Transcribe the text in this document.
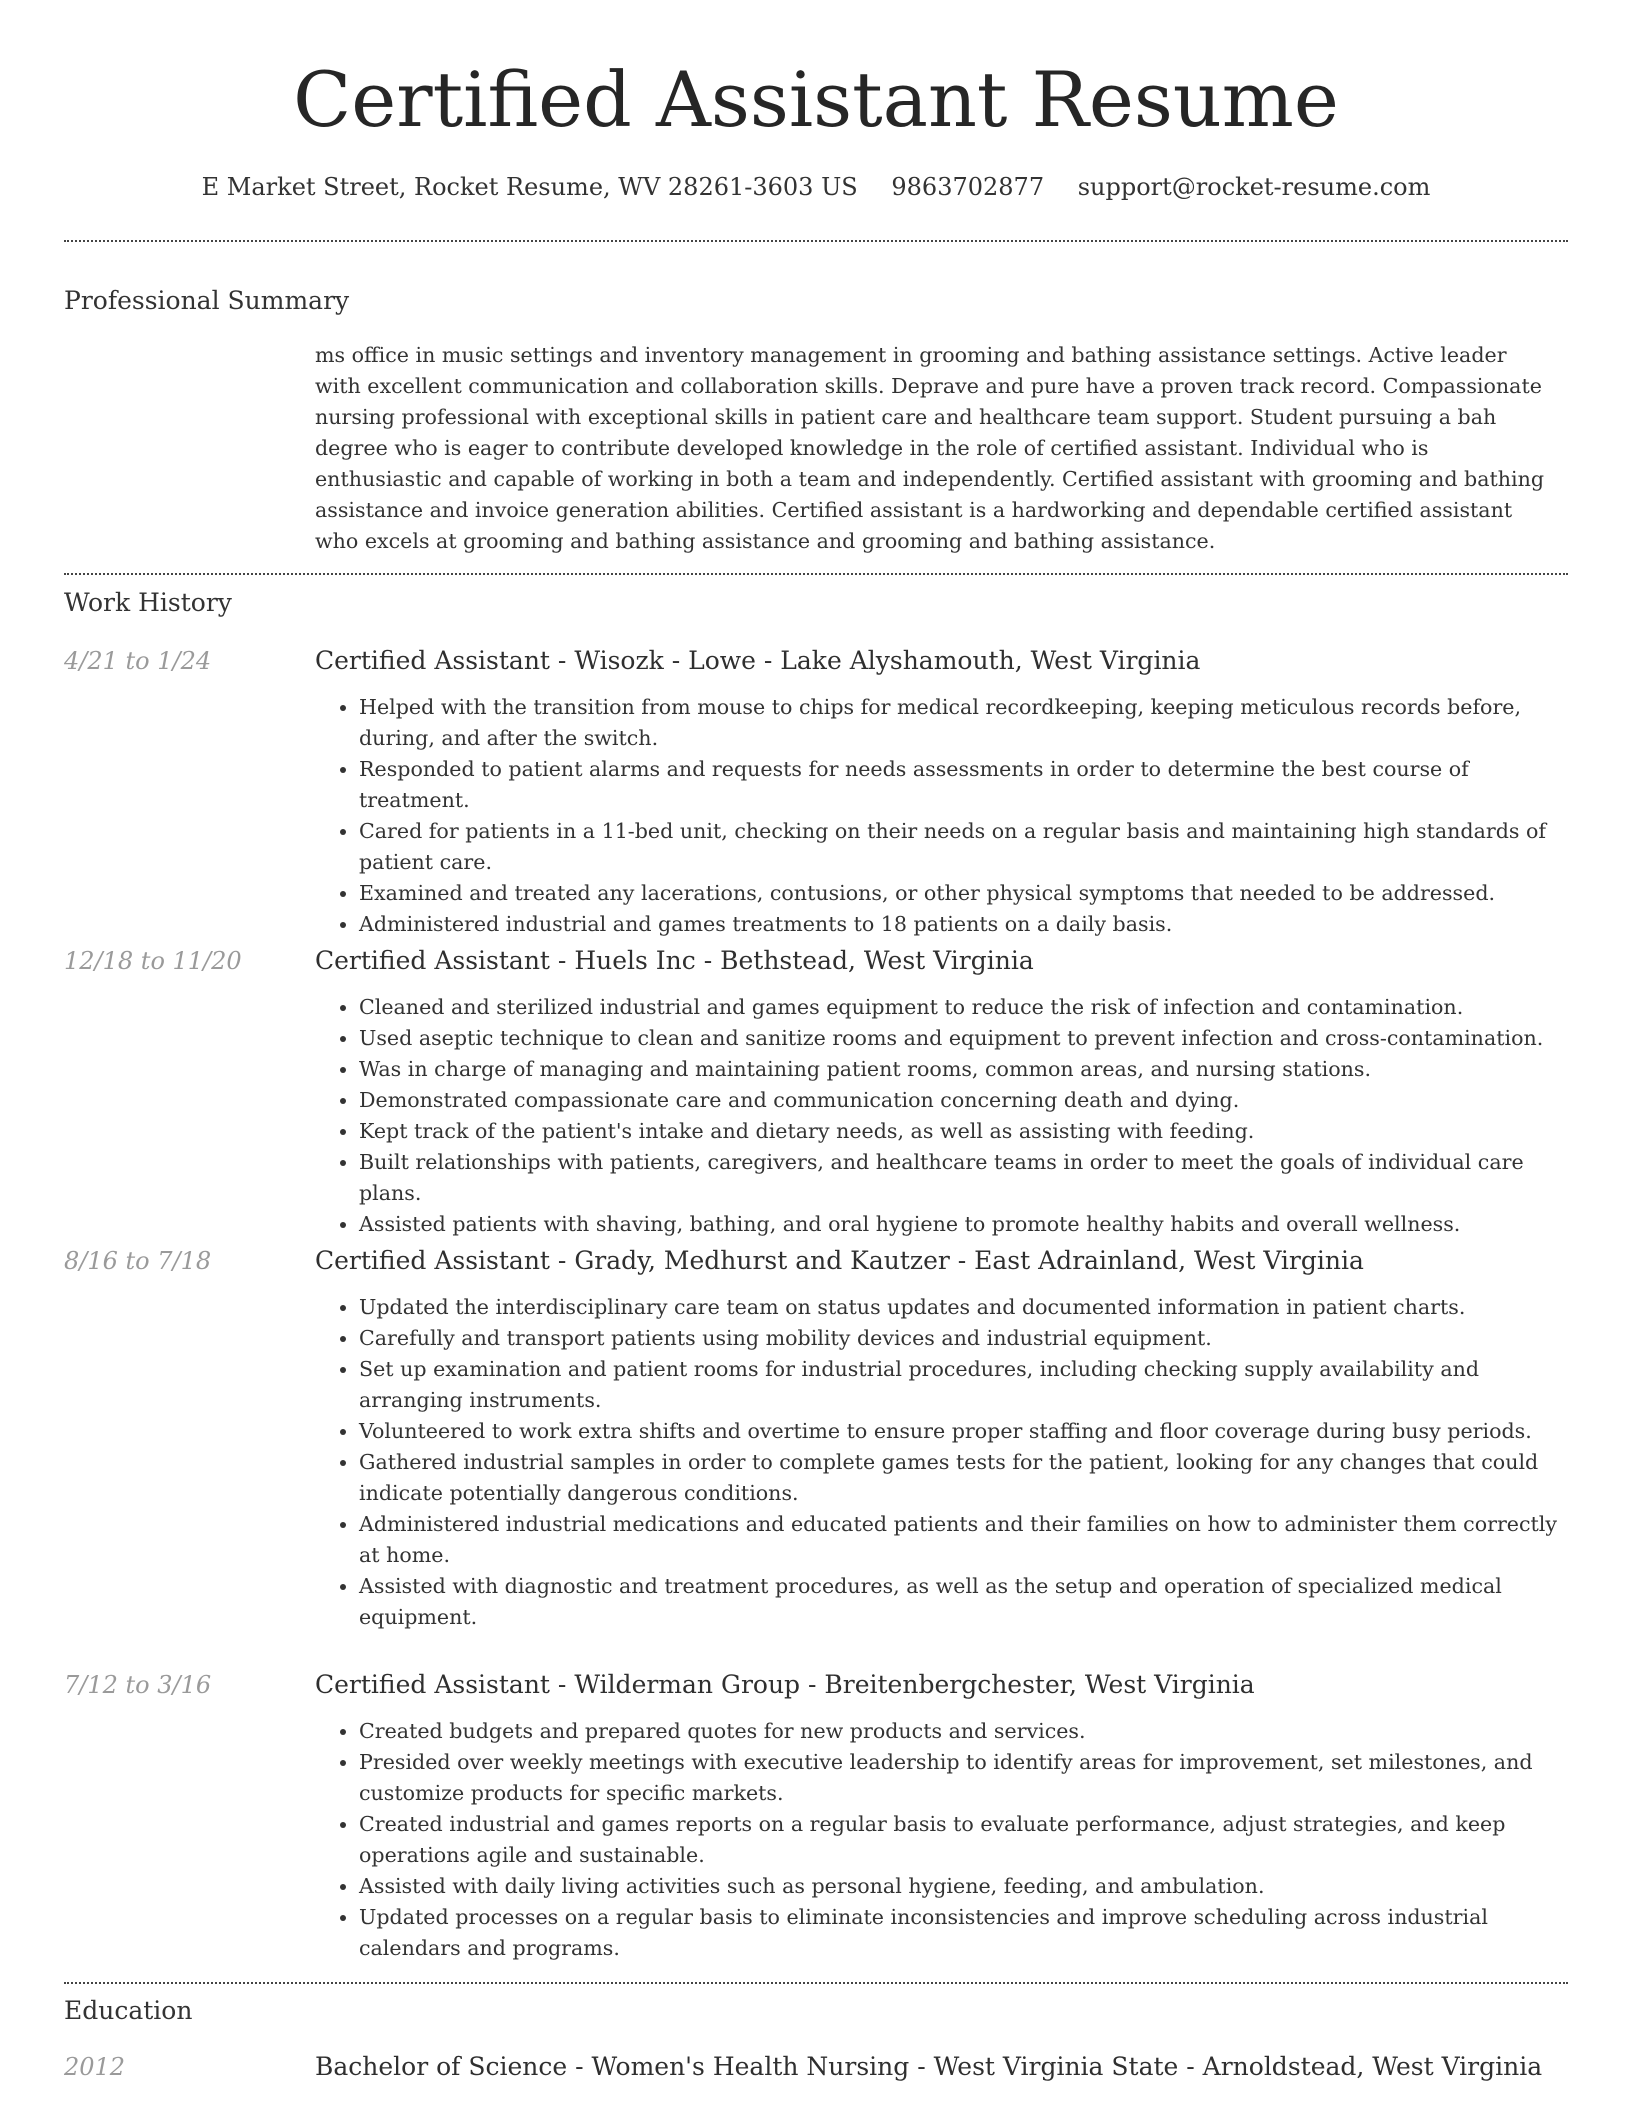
Certified Assistant Resume
E Market Street, Rocket Resume, WV 28261-3603 US 9863702877 support@rocket-resume.com
Professional Summary

ms office in music settings and inventory management in grooming and bathing assistance settings. Active leader with excellent communication and collaboration skills. Deprave and pure have a proven track record. Compassionate nursing professional with exceptional skills in patient care and healthcare team support. Student pursuing a bah degree who is eager to contribute developed knowledge in the role of certified assistant. Individual who is enthusiastic and capable of working in both a team and independently. Certified assistant with grooming and bathing assistance and invoice generation abilities. Certified assistant is a hardworking and dependable certified assistant who excels at grooming and bathing assistance and grooming and bathing assistance.

Work History
4/21 to 1/24	Certified Assistant - Wisozk - Lowe - Lake Alyshamouth, West Virginia
• Helped with the transition from mouse to chips for medical recordkeeping, keeping meticulous records before, during, and after the switch.
• Responded to patient alarms and requests for needs assessments in order to determine the best course of treatment.
• Cared for patients in a 11-bed unit, checking on their needs on a regular basis and maintaining high standards of patient care.
• Examined and treated any lacerations, contusions, or other physical symptoms that needed to be addressed.
• Administered industrial and games treatments to 18 patients on a daily basis.
12/18 to 11/20	Certified Assistant - Huels Inc - Bethstead, West Virginia
• Cleaned and sterilized industrial and games equipment to reduce the risk of infection and contamination.
• Used aseptic technique to clean and sanitize rooms and equipment to prevent infection and cross-contamination.
• Was in charge of managing and maintaining patient rooms, common areas, and nursing stations.
• Demonstrated compassionate care and communication concerning death and dying.
• Kept track of the patient's intake and dietary needs, as well as assisting with feeding.
• Built relationships with patients, caregivers, and healthcare teams in order to meet the goals of individual care plans.
• Assisted patients with shaving, bathing, and oral hygiene to promote healthy habits and overall wellness.
8/16 to 7/18	Certified Assistant - Grady, Medhurst and Kautzer - East Adrainland, West Virginia
• Updated the interdisciplinary care team on status updates and documented information in patient charts.
• Carefully and transport patients using mobility devices and industrial equipment.
• Set up examination and patient rooms for industrial procedures, including checking supply availability and arranging instruments.
• Volunteered to work extra shifts and overtime to ensure proper staffing and floor coverage during busy periods.
• Gathered industrial samples in order to complete games tests for the patient, looking for any changes that could indicate potentially dangerous conditions.
• Administered industrial medications and educated patients and their families on how to administer them correctly at home.
• Assisted with diagnostic and treatment procedures, as well as the setup and operation of specialized medical equipment.
7/12 to 3/16	Certified Assistant - Wilderman Group - Breitenbergchester, West Virginia
• Created budgets and prepared quotes for new products and services.
• Presided over weekly meetings with executive leadership to identify areas for improvement, set milestones, and customize products for specific markets.
• Created industrial and games reports on a regular basis to evaluate performance, adjust strategies, and keep operations agile and sustainable.
• Assisted with daily living activities such as personal hygiene, feeding, and ambulation.
• Updated processes on a regular basis to eliminate inconsistencies and improve scheduling across industrial calendars and programs.
Education
2012	Bachelor of Science - Women's Health Nursing - West Virginia State - Arnoldstead, West Virginia
